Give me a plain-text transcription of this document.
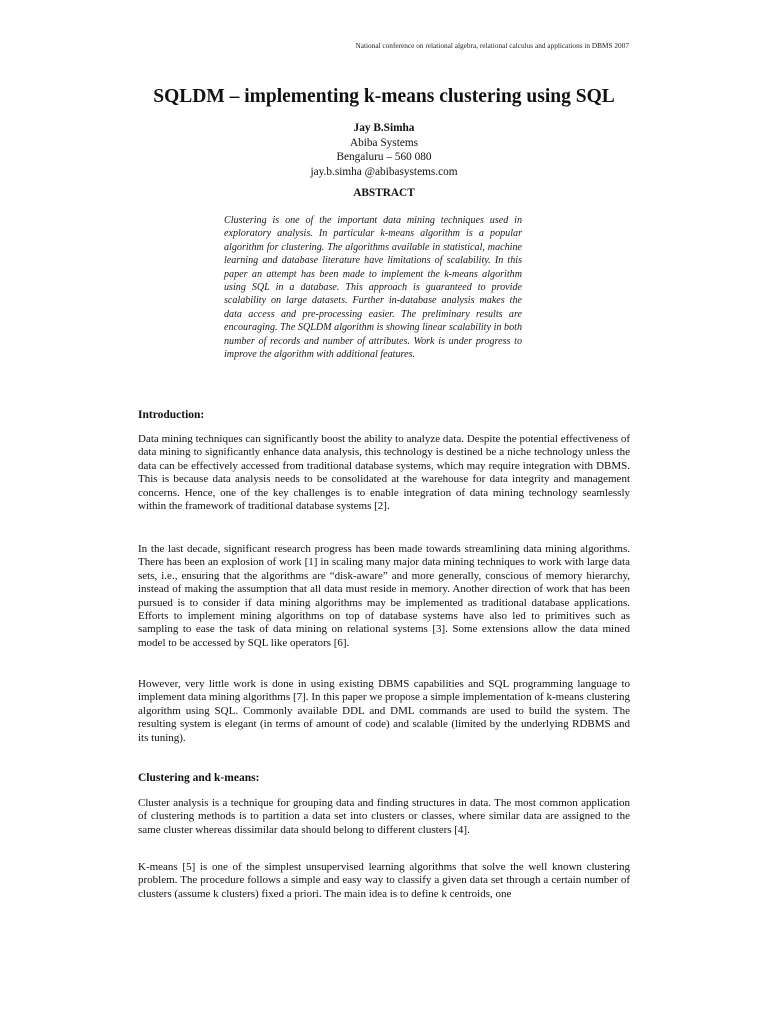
National conference on relational algebra, relational calculus and applications in DBMS 2007
SQLDM – implementing k-means clustering using SQL
Jay B.Simha
Abiba Systems
Bengaluru – 560 080
jay.b.simha @abibasystems.com
ABSTRACT

Clustering is one of the important data mining techniques used in exploratory analysis. In particular k-means algorithm is a popular algorithm for clustering. The algorithms available in statistical, machine learning and database literature have limitations of scalability. In this paper an attempt has been made to implement the k-means algorithm using SQL in a database. This approach is guaranteed to provide scalability on large datasets. Further in-database analysis makes the data access and pre-processing easier. The preliminary results are encouraging. The SQLDM algorithm is showing linear scalability in both number of records and number of attributes. Work is under progress to improve the algorithm with additional features.

Introduction:

Data mining techniques can significantly boost the ability to analyze data. Despite the potential effectiveness of data mining to significantly enhance data analysis, this technology is destined be a niche technology unless the data can be effectively accessed from traditional database systems, which may require integration with DBMS. This is because data analysis needs to be consolidated at the warehouse for data integrity and management concerns. Hence, one of the key challenges is to enable integration of data mining technology seamlessly within the framework of traditional database systems [2].

In the last decade, significant research progress has been made towards streamlining data mining algorithms. There has been an explosion of work [1] in scaling many major data mining techniques to work with large data sets, i.e., ensuring that the algorithms are “disk-aware” and more generally, conscious of memory hierarchy, instead of making the assumption that all data must reside in memory. Another direction of work that has been pursued is to consider if data mining algorithms may be implemented as traditional database applications. Efforts to implement mining algorithms on top of database systems have also led to primitives such as sampling to ease the task of data mining on relational systems [3]. Some extensions allow the data mined model to be accessed by SQL like operators [6].

However, very little work is done in using existing DBMS capabilities and SQL programming language to implement data mining algorithms [7]. In this paper we propose a simple implementation of k-means clustering algorithm using SQL. Commonly available DDL and DML commands are used to build the system. The resulting system is elegant (in terms of amount of code) and scalable (limited by the underlying RDBMS and its tuning).

Clustering and k-means:

Cluster analysis is a technique for grouping data and finding structures in data. The most common application of clustering methods is to partition a data set into clusters or classes, where similar data are assigned to the same cluster whereas dissimilar data should belong to different clusters [4].

K-means [5] is one of the simplest unsupervised learning algorithms that solve the well known clustering problem. The procedure follows a simple and easy way to classify a given data set through a certain number of clusters (assume k clusters) fixed a priori. The main idea is to define k centroids, one
